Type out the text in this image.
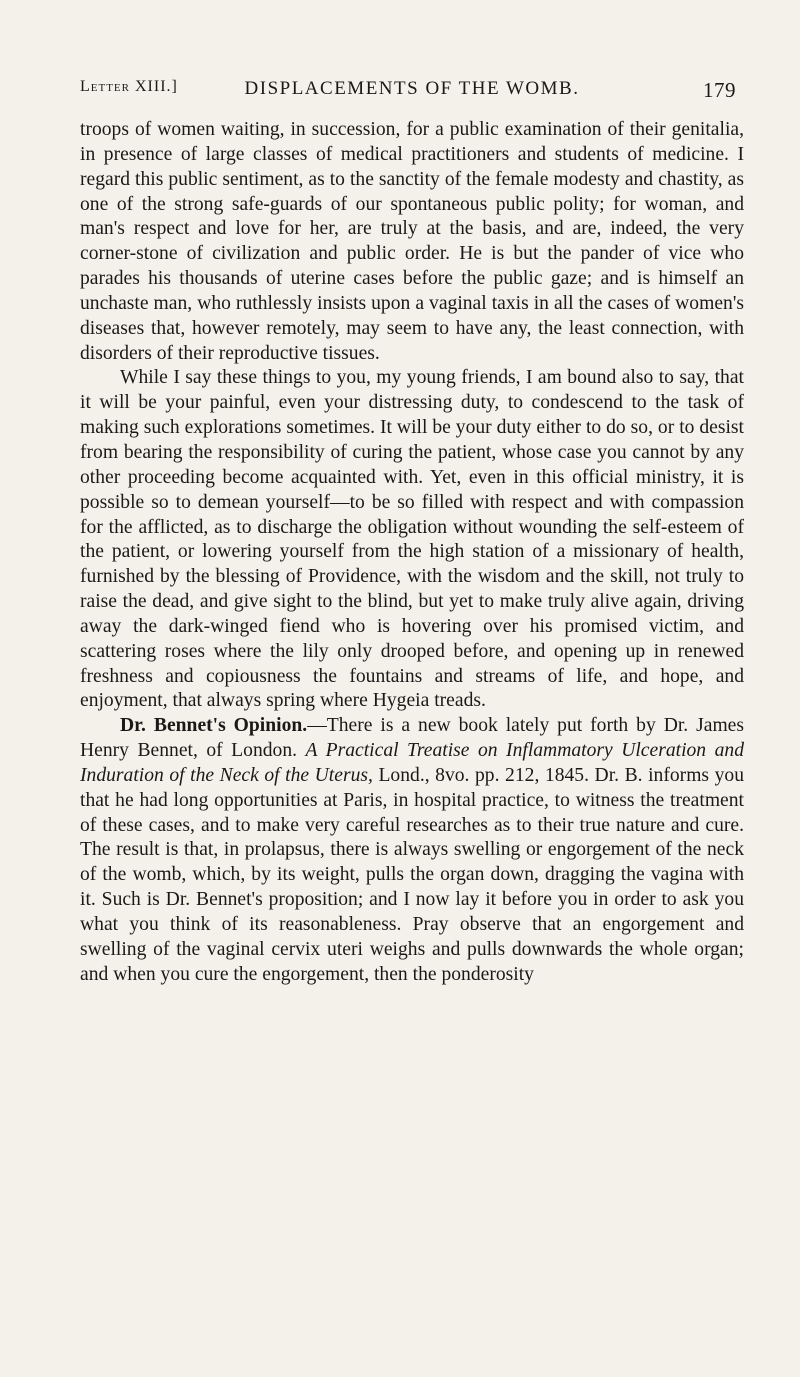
Letter XIII.]	DISPLACEMENTS OF THE WOMB.	179

troops of women waiting, in succession, for a public examination of their genitalia, in presence of large classes of medical practitioners and students of medicine. I regard this public sentiment, as to the sanctity of the female modesty and chastity, as one of the strong safe-guards of our spontaneous public polity; for woman, and man's respect and love for her, are truly at the basis, and are, indeed, the very corner-stone of civilization and public order. He is but the pander of vice who parades his thousands of uterine cases before the public gaze; and is himself an unchaste man, who ruthlessly insists upon a vaginal taxis in all the cases of women's diseases that, however remotely, may seem to have any, the least connection, with disorders of their reproductive tissues.

While I say these things to you, my young friends, I am bound also to say, that it will be your painful, even your distressing duty, to condescend to the task of making such explorations sometimes. It will be your duty either to do so, or to desist from bearing the responsibility of curing the patient, whose case you cannot by any other proceeding become acquainted with. Yet, even in this official ministry, it is possible so to demean yourself—to be so filled with respect and with compassion for the afflicted, as to discharge the obligation without wounding the self-esteem of the patient, or lowering yourself from the high station of a missionary of health, furnished by the blessing of Providence, with the wisdom and the skill, not truly to raise the dead, and give sight to the blind, but yet to make truly alive again, driving away the dark-winged fiend who is hovering over his promised victim, and scattering roses where the lily only drooped before, and opening up in renewed freshness and copiousness the fountains and streams of life, and hope, and enjoyment, that always spring where Hygeia treads.

Dr. Bennet's Opinion.—There is a new book lately put forth by Dr. James Henry Bennet, of London. A Practical Treatise on Inflammatory Ulceration and Induration of the Neck of the Uterus, Lond., 8vo. pp. 212, 1845. Dr. B. informs you that he had long opportunities at Paris, in hospital practice, to witness the treatment of these cases, and to make very careful researches as to their true nature and cure. The result is that, in prolapsus, there is always swelling or engorgement of the neck of the womb, which, by its weight, pulls the organ down, dragging the vagina with it. Such is Dr. Bennet's proposition; and I now lay it before you in order to ask you what you think of its reasonableness. Pray observe that an engorgement and swelling of the vaginal cervix uteri weighs and pulls downwards the whole organ; and when you cure the engorgement, then the ponderosity
